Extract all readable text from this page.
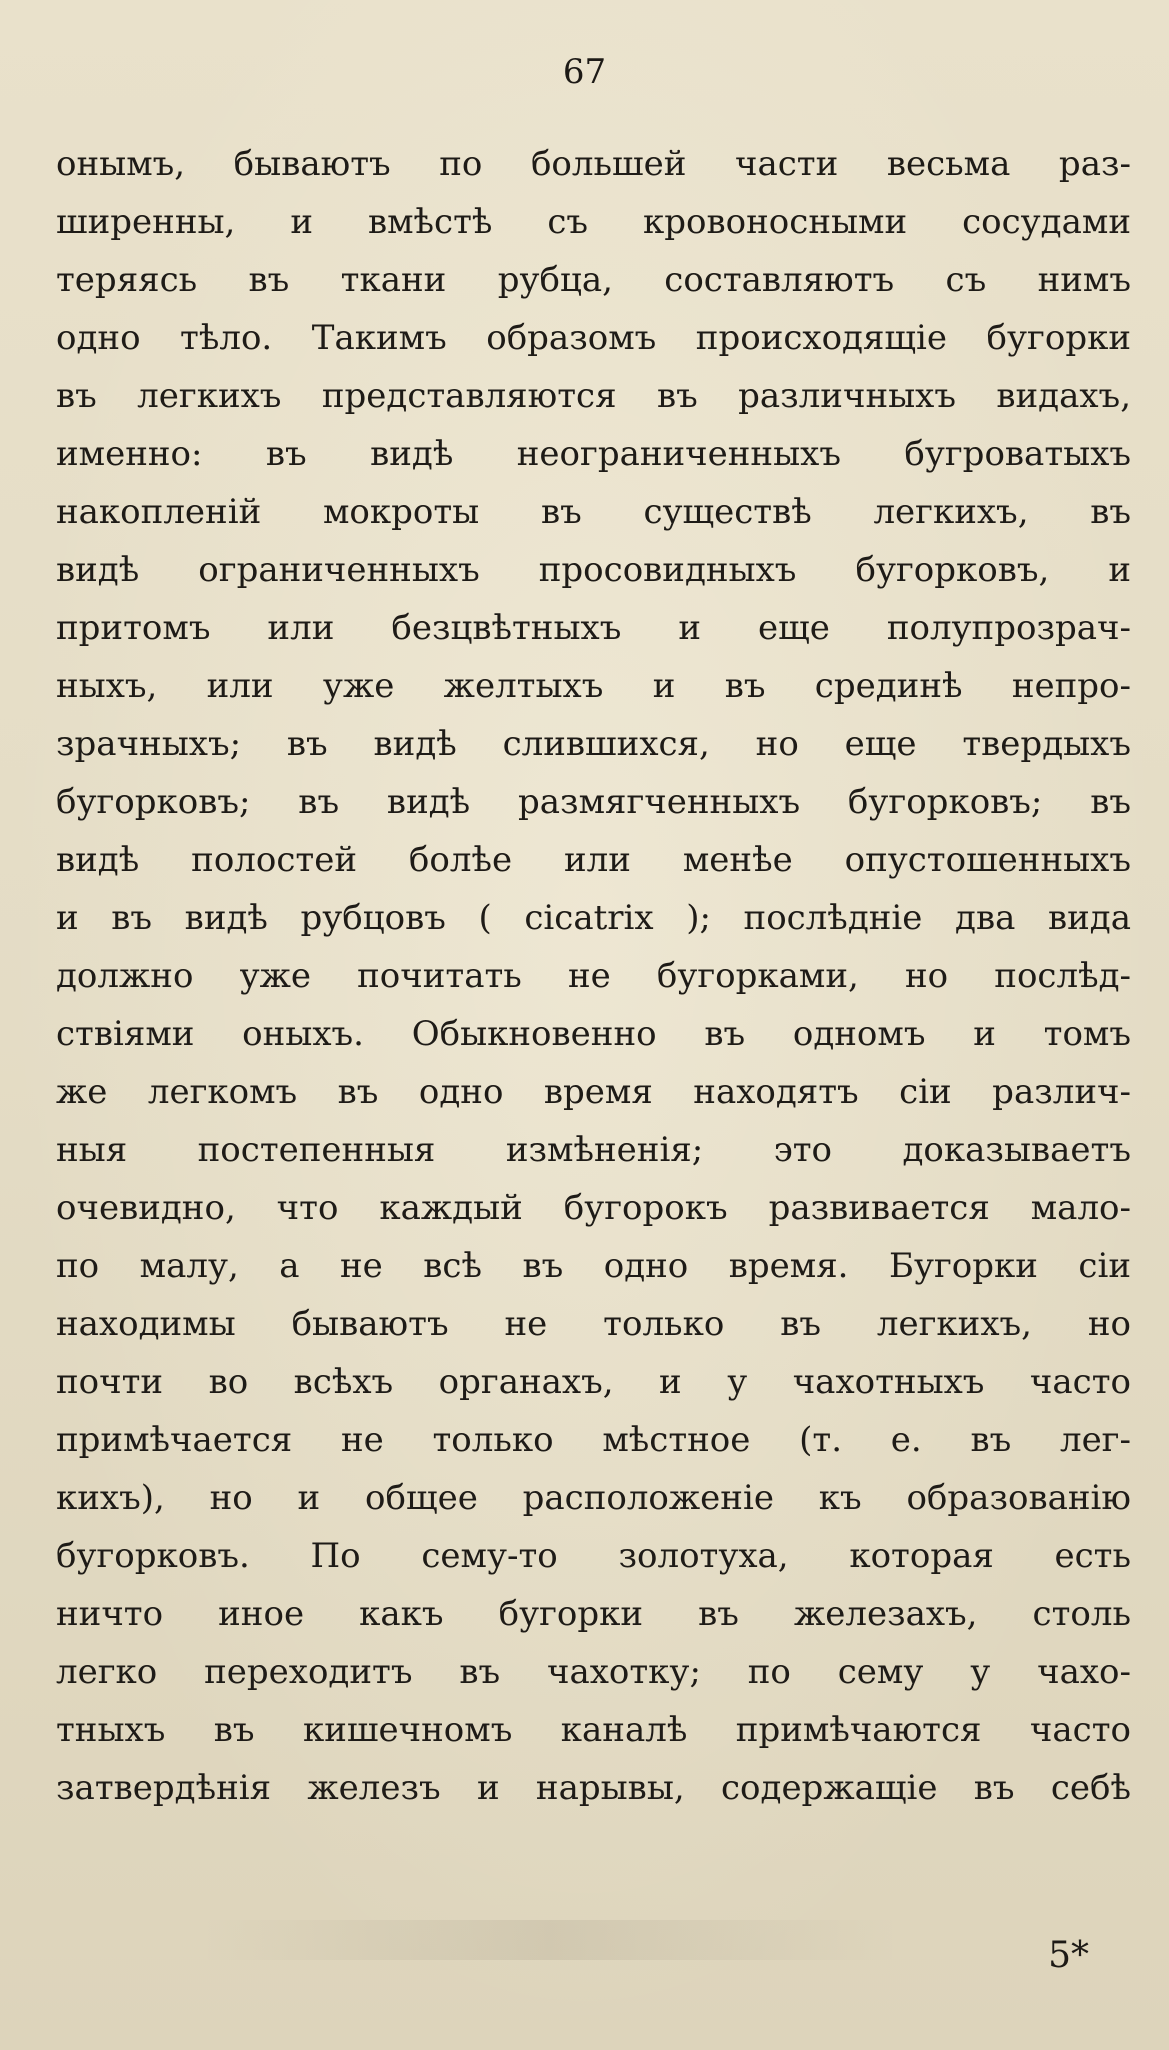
67
онымъ, бываютъ по большей части весьма раз-
ширенны, и вмѣстѣ съ кровоносными сосудами
теряясь въ ткани рубца, составляютъ съ нимъ
одно тѣло. Такимъ образомъ происходящіе бугорки
въ легкихъ представляются въ различныхъ видахъ,
именно: въ видѣ неограниченныхъ бугроватыхъ
накопленій мокроты въ существѣ легкихъ, въ
видѣ ограниченныхъ просовидныхъ бугорковъ, и
притомъ или безцвѣтныхъ и еще полупрозрач-
ныхъ, или уже желтыхъ и въ срединѣ непро-
зрачныхъ; въ видѣ слившихся, но еще твердыхъ
бугорковъ; въ видѣ размягченныхъ бугорковъ; въ
видѣ полостей болѣе или менѣе опустошенныхъ
и въ видѣ рубцовъ ( cicatrix ); послѣдніе два вида
должно уже почитать не бугорками, но послѣд-
ствіями оныхъ. Обыкновенно въ одномъ и томъ
же легкомъ въ одно время находятъ сіи различ-
ныя постепенныя измѣненія; это доказываетъ
очевидно, что каждый бугорокъ развивается мало-
по малу, а не всѣ въ одно время. Бугорки сіи
находимы бываютъ не только въ легкихъ, но
почти во всѣхъ органахъ, и у чахотныхъ часто
примѣчается не только мѣстное (т. е. въ лег-
кихъ), но и общее расположеніе къ образованію
бугорковъ. По сему-то золотуха, которая есть
ничто иное какъ бугорки въ железахъ, столь
легко переходитъ въ чахотку; по сему у чахо-
тныхъ въ кишечномъ каналѣ примѣчаются часто
затвердѣнія железъ и нарывы, содержащіе въ себѣ
5*
